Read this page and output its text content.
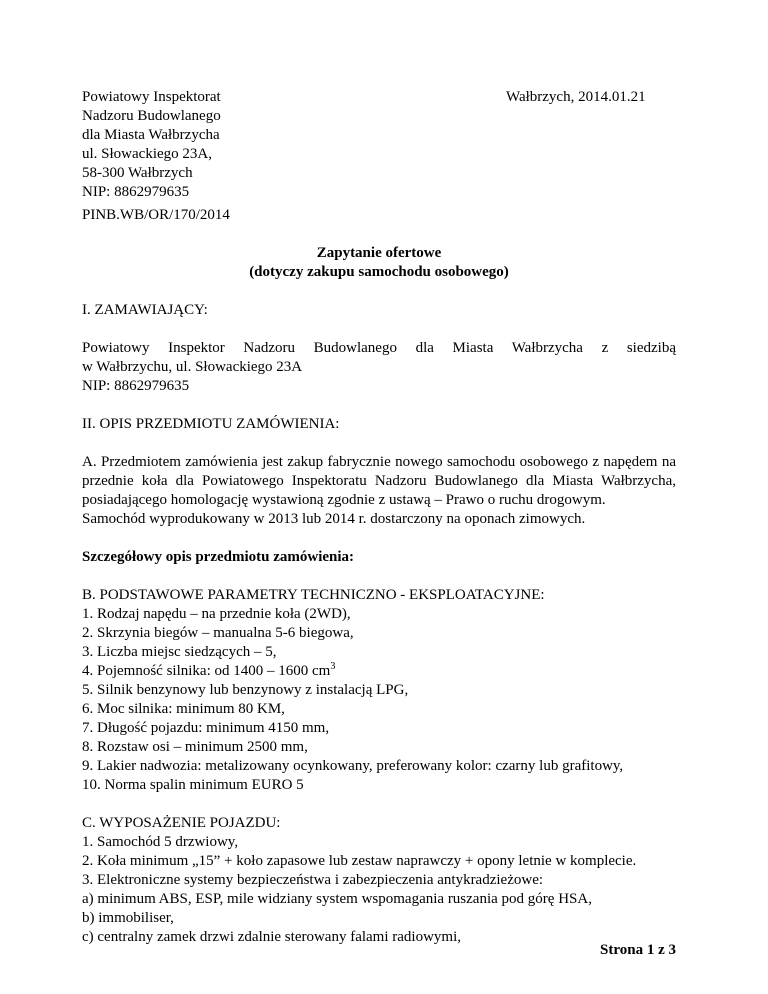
Powiatowy Inspektorat
Nadzoru Budowlanego
dla Miasta Wałbrzycha
ul. Słowackiego 23A,
58-300 Wałbrzych
NIP: 8862979635
Wałbrzych, 2014.01.21

PINB.WB/OR/170/2014

Zapytanie ofertowe

(dotyczy zakupu samochodu osobowego)

I. ZAMAWIAJĄCY:

Powiatowy Inspektor Nadzoru Budowlanego dla Miasta Wałbrzycha z siedzibą

w Wałbrzychu, ul. Słowackiego 23A

NIP: 8862979635

II. OPIS PRZEDMIOTU ZAMÓWIENIA:

A. Przedmiotem zamówienia jest zakup fabrycznie nowego samochodu osobowego z napędem na przednie koła dla Powiatowego Inspektoratu Nadzoru Budowlanego dla Miasta Wałbrzycha, posiadającego homologację wystawioną zgodnie z ustawą – Prawo o ruchu drogowym.

Samochód wyprodukowany w 2013 lub 2014 r. dostarczony na oponach zimowych.

Szczegółowy opis przedmiotu zamówienia:

B. PODSTAWOWE PARAMETRY TECHNICZNO - EKSPLOATACYJNE:

1. Rodzaj napędu – na przednie koła (2WD),

2. Skrzynia biegów – manualna 5-6 biegowa,

3. Liczba miejsc siedzących – 5,

4. Pojemność silnika: od 1400 – 1600 $cm^3$

5. Silnik benzynowy lub benzynowy z instalacją LPG,

6. Moc silnika: minimum 80 KM,

7. Długość pojazdu: minimum 4150 mm,

8. Rozstaw osi – minimum 2500 mm,

9. Lakier nadwozia: metalizowany ocynkowany, preferowany kolor: czarny lub grafitowy,

10. Norma spalin minimum EURO 5

C. WYPOSAŻENIE POJAZDU:

1. Samochód 5 drzwiowy,

2. Koła minimum „15” + koło zapasowe lub zestaw naprawczy + opony letnie w komplecie.

3. Elektroniczne systemy bezpieczeństwa i zabezpieczenia antykradzieżowe:

a) minimum ABS, ESP, mile widziany system wspomagania ruszania pod górę HSA,

b) immobiliser,

c) centralny zamek drzwi zdalnie sterowany falami radiowymi,

Strona 1 z 3
